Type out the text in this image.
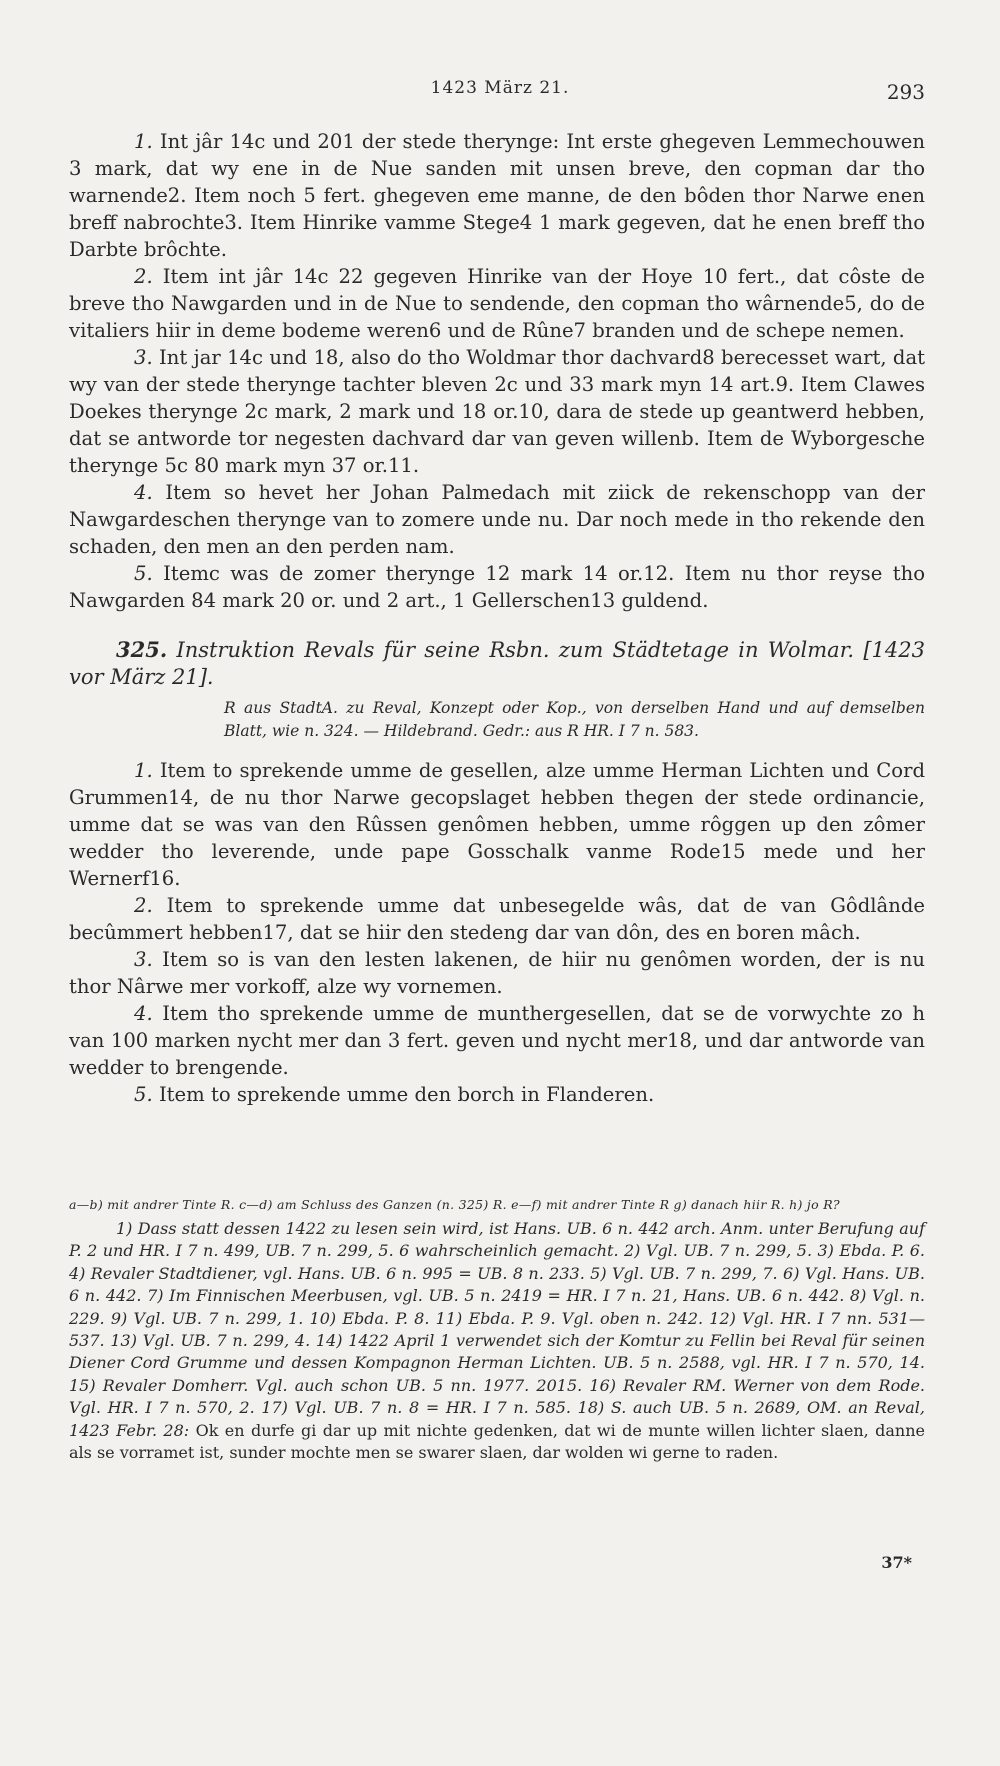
1423 März 21.	293

1. Int jâr 14c und 201 der stede therynge: Int erste ghegeven Lemmechouwen 3 mark, dat wy ene in de Nue sanden mit unsen breve, den copman dar tho warnende2. Item noch 5 fert. ghegeven eme manne, de den bôden thor Narwe enen breff nabrochte3. Item Hinrike vamme Stege4 1 mark gegeven, dat he enen breff tho Darbte brôchte.

2. Item int jâr 14c 22 gegeven Hinrike van der Hoye 10 fert., dat côste de breve tho Nawgarden und in de Nue to sendende, den copman tho wârnende5, do de vitaliers hiir in deme bodeme weren6 und de Rûne7 branden und de schepe nemen.

3. Int jar 14c und 18, also do tho Woldmar thor dachvard8 berecesset wart, dat wy van der stede therynge tachter bleven 2c und 33 mark myn 14 art.9. Item Clawes Doekes therynge 2c mark, 2 mark und 18 or.10, dara de stede up geantwerd hebben, dat se antworde tor negesten dachvard dar van geven willenb. Item de Wyborgesche therynge 5c 80 mark myn 37 or.11.

4. Item so hevet her Johan Palmedach mit ziick de rekenschopp van der Nawgardeschen therynge van to zomere unde nu. Dar noch mede in tho rekende den schaden, den men an den perden nam.

5. Itemc was de zomer therynge 12 mark 14 or.12. Item nu thor reyse tho Nawgarden 84 mark 20 or. und 2 art., 1 Gellerschen13 guldend.

325. Instruktion Revals für seine Rsbn. zum Städtetage in Wolmar. [1423 vor März 21].
R aus StadtA. zu Reval, Konzept oder Kop., von derselben Hand und auf demselben Blatt, wie n. 324. — Hildebrand. Gedr.: aus R HR. I 7 n. 583.

1. Item to sprekende umme de gesellen, alze umme Herman Lichten und Cord Grummen14, de nu thor Narwe gecopslaget hebben thegen der stede ordinancie, umme dat se was van den Rûssen genômen hebben, umme rôggen up den zômer wedder tho leverende, unde pape Gosschalk vanme Rode15 mede und her Wernerf16.

2. Item to sprekende umme dat unbesegelde wâs, dat de van Gôdlânde becûmmert hebben17, dat se hiir den stedeng dar van dôn, des en boren mâch.

3. Item so is van den lesten lakenen, de hiir nu genômen worden, der is nu thor Nârwe mer vorkoff, alze wy vornemen.

4. Item tho sprekende umme de munthergesellen, dat se de vorwychte zo h van 100 marken nycht mer dan 3 fert. geven und nycht mer18, und dar antworde van wedder to brengende.

5. Item to sprekende umme den borch in Flanderen.

a—b) mit andrer Tinte R. c—d) am Schluss des Ganzen (n. 325) R. e—f) mit andrer Tinte R g) danach hiir R. h) jo R?

1) Dass statt dessen 1422 zu lesen sein wird, ist Hans. UB. 6 n. 442 arch. Anm. unter Berufung auf P. 2 und HR. I 7 n. 499, UB. 7 n. 299, 5. 6 wahrscheinlich gemacht. 2) Vgl. UB. 7 n. 299, 5. 3) Ebda. P. 6. 4) Revaler Stadtdiener, vgl. Hans. UB. 6 n. 995 = UB. 8 n. 233. 5) Vgl. UB. 7 n. 299, 7. 6) Vgl. Hans. UB. 6 n. 442. 7) Im Finnischen Meerbusen, vgl. UB. 5 n. 2419 = HR. I 7 n. 21, Hans. UB. 6 n. 442. 8) Vgl. n. 229. 9) Vgl. UB. 7 n. 299, 1. 10) Ebda. P. 8. 11) Ebda. P. 9. Vgl. oben n. 242. 12) Vgl. HR. I 7 nn. 531—537. 13) Vgl. UB. 7 n. 299, 4. 14) 1422 April 1 verwendet sich der Komtur zu Fellin bei Reval für seinen Diener Cord Grumme und dessen Kompagnon Herman Lichten. UB. 5 n. 2588, vgl. HR. I 7 n. 570, 14. 15) Revaler Domherr. Vgl. auch schon UB. 5 nn. 1977. 2015. 16) Revaler RM. Werner von dem Rode. Vgl. HR. I 7 n. 570, 2. 17) Vgl. UB. 7 n. 8 = HR. I 7 n. 585. 18) S. auch UB. 5 n. 2689, OM. an Reval, 1423 Febr. 28: Ok en durfe gi dar up mit nichte gedenken, dat wi de munte willen lichter slaen, danne als se vorramet ist, sunder mochte men se swarer slaen, dar wolden wi gerne to raden.

37*
